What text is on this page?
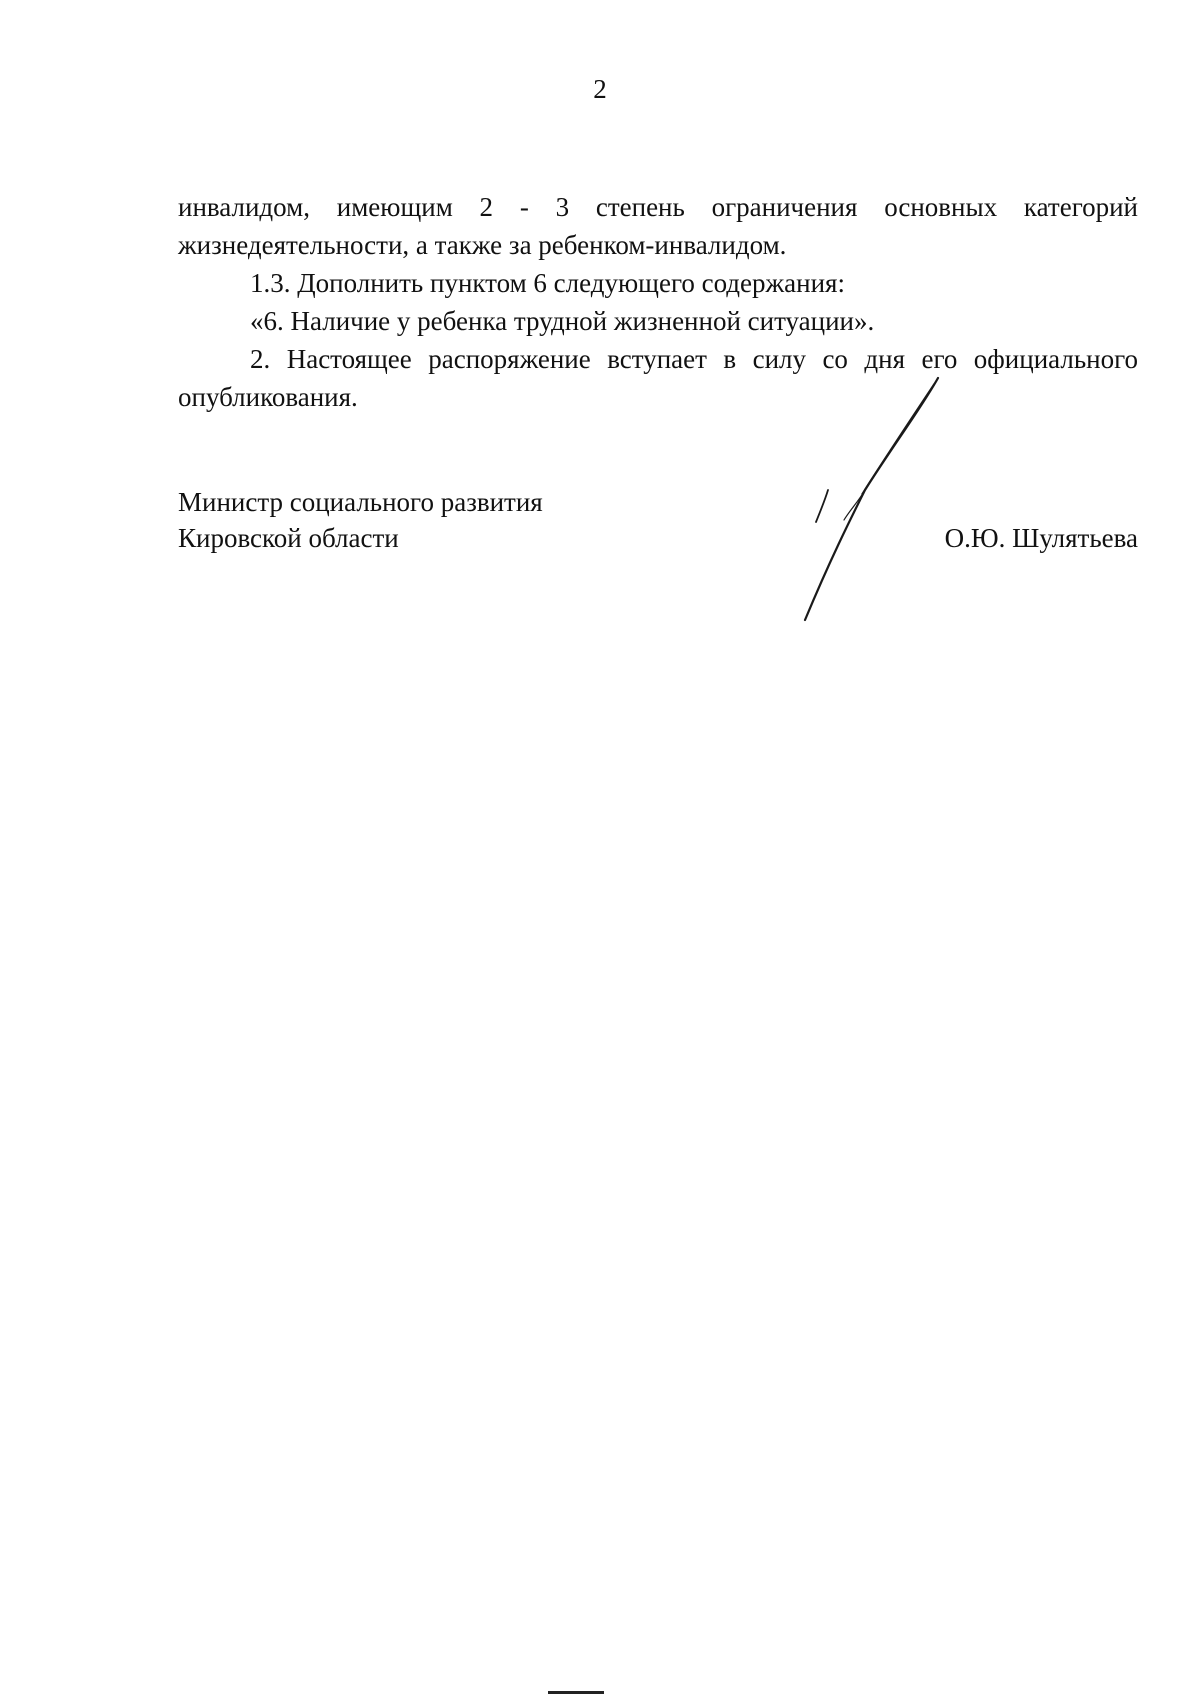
2

инвалидом, имеющим 2 - 3 степень ограничения основных категорий

жизнедеятельности, а также за ребенком-инвалидом.

1.3. Дополнить пунктом 6 следующего содержания:

«6. Наличие у ребенка трудной жизненной ситуации».

2. Настоящее распоряжение вступает в силу со дня его официального

опубликования.

Министр социального развития
Кировской области	О.Ю. Шулятьева
